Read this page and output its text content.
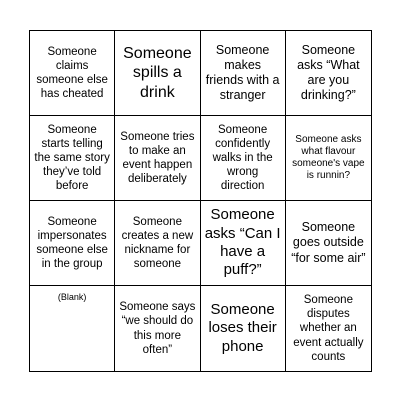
Someone claims someone else has cheated
Someone spills a drink
Someone makes friends with a stranger
Someone asks “What are you drinking?”
Someone starts telling the same story they’ve told before
Someone tries to make an event happen deliberately
Someone confidently walks in the wrong direction
Someone asks what flavour someone's vape is runnin?
Someone impersonates someone else in the group
Someone creates a new nickname for someone
Someone asks “Can I have a puff?”
Someone goes outside “for some air”
(Blank)
Someone says “we should do this more often”
Someone loses their phone
Someone disputes whether an event actually counts
